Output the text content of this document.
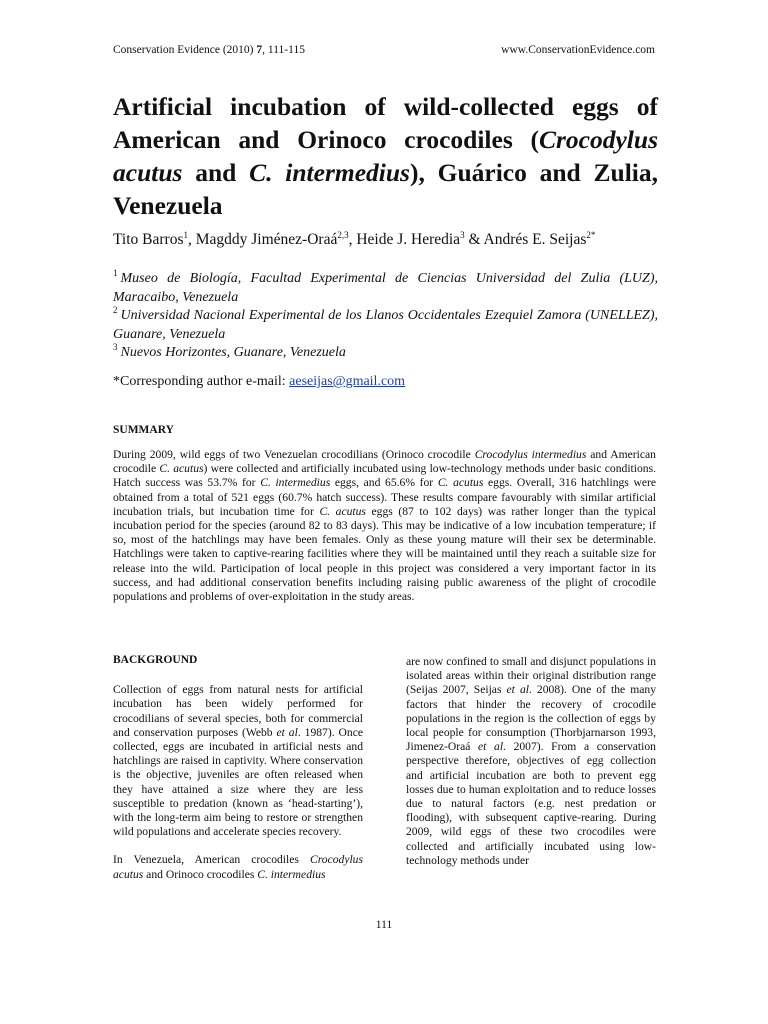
Conservation Evidence (2010) 7, 111-115	www.ConservationEvidence.com
Artificial incubation of wild-collected eggs of American and Orinoco crocodiles (Crocodylus acutus and C. intermedius), Guárico and Zulia, Venezuela

Tito Barros$^1$, Magddy Jiménez-Oraá$^{2,3}$, Heide J. Heredia$^3$ & Andrés E. Seijas$^{2*}$

$^1$ Museo de Biología, Facultad Experimental de Ciencias Universidad del Zulia (LUZ), Maracaibo, Venezuela

$^2$ Universidad Nacional Experimental de los Llanos Occidentales Ezequiel Zamora (UNELLEZ), Guanare, Venezuela

$^3$ Nuevos Horizontes, Guanare, Venezuela

*Corresponding author e-mail: aeseijas@gmail.com

SUMMARY

During 2009, wild eggs of two Venezuelan crocodilians (Orinoco crocodile Crocodylus intermedius and American crocodile C. acutus) were collected and artificially incubated using low-technology methods under basic conditions. Hatch success was 53.7% for C. intermedius eggs, and 65.6% for C. acutus eggs. Overall, 316 hatchlings were obtained from a total of 521 eggs (60.7% hatch success). These results compare favourably with similar artificial incubation trials, but incubation time for C. acutus eggs (87 to 102 days) was rather longer than the typical incubation period for the species (around 82 to 83 days). This may be indicative of a low incubation temperature; if so, most of the hatchlings may have been females. Only as these young mature will their sex be determinable. Hatchlings were taken to captive-rearing facilities where they will be maintained until they reach a suitable size for release into the wild. Participation of local people in this project was considered a very important factor in its success, and had additional conservation benefits including raising public awareness of the plight of crocodile populations and problems of over-exploitation in the study areas.

BACKGROUND

Collection of eggs from natural nests for artificial incubation has been widely performed for crocodilians of several species, both for commercial and conservation purposes (Webb et al. 1987). Once collected, eggs are incubated in artificial nests and hatchlings are raised in captivity. Where conservation is the objective, juveniles are often released when they have attained a size where they are less susceptible to predation (known as ‘head-starting’), with the long-term aim being to restore or strengthen wild populations and accelerate species recovery.

In Venezuela, American crocodiles Crocodylus acutus and Orinoco crocodiles C. intermedius

are now confined to small and disjunct populations in isolated areas within their original distribution range (Seijas 2007, Seijas et al. 2008). One of the many factors that hinder the recovery of crocodile populations in the region is the collection of eggs by local people for consumption (Thorbjarnarson 1993, Jimenez-Oraá et al. 2007). From a conservation perspective therefore, objectives of egg collection and artificial incubation are both to prevent egg losses due to human exploitation and to reduce losses due to natural factors (e.g. nest predation or flooding), with subsequent captive-rearing. During 2009, wild eggs of these two crocodiles were collected and artificially incubated using low-technology methods under

111
